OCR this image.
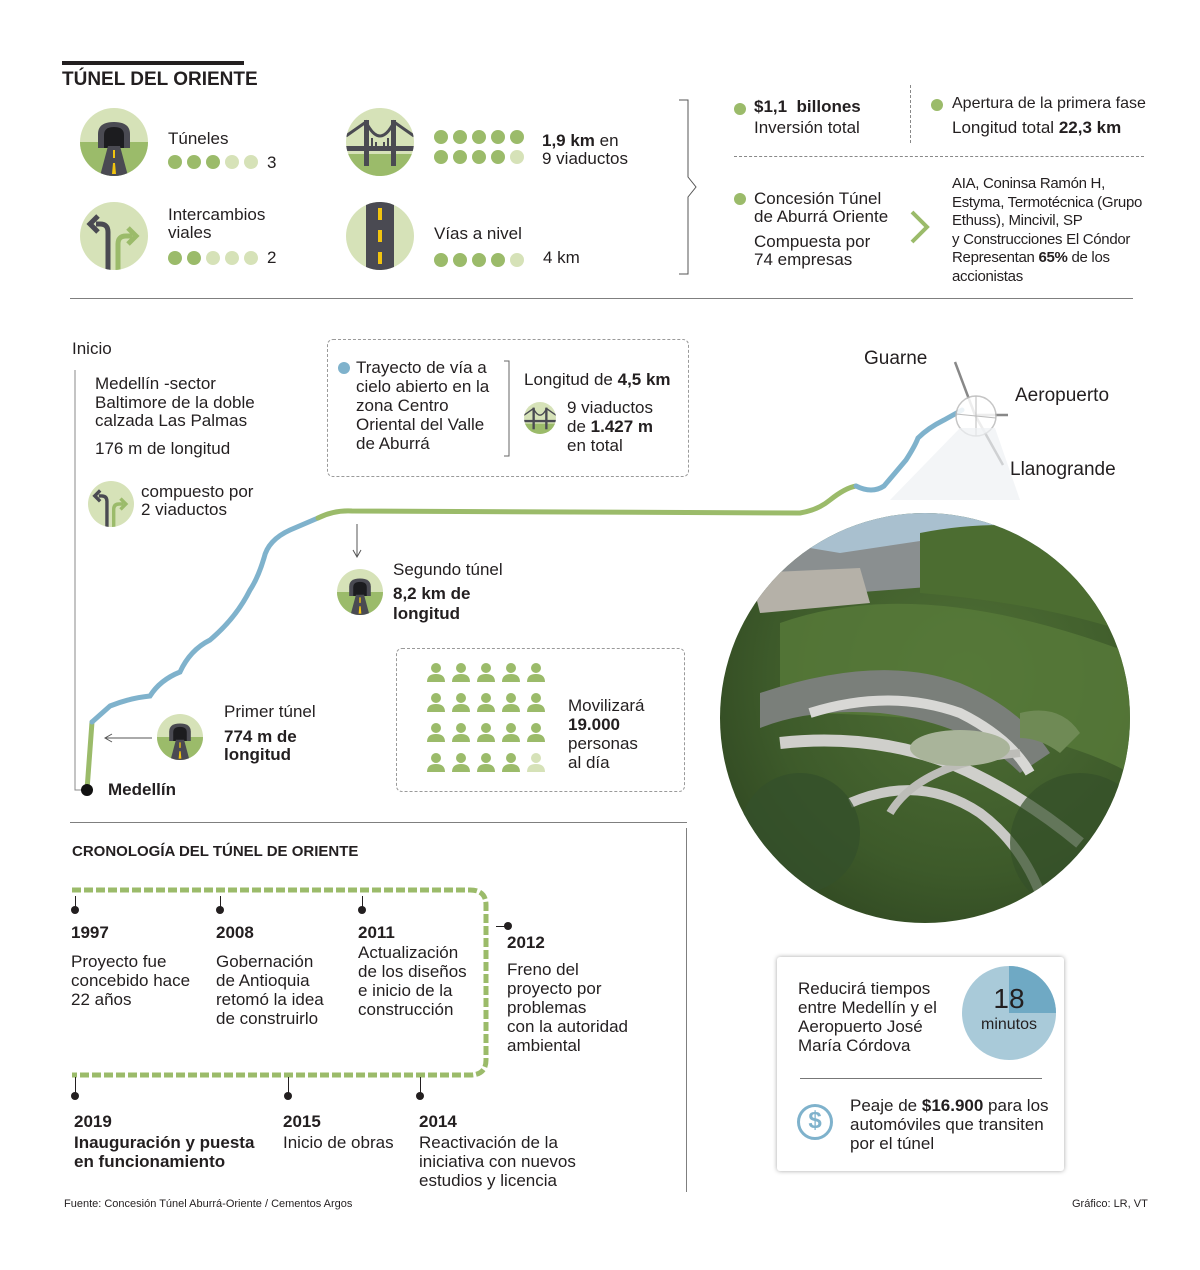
TÚNEL DEL ORIENTE
Túneles
3
Intercambios
viales
2
1,9 km en
9 viaductos
Vías a nivel
4 km
$1,1  billones
Inversión total
Apertura de la primera fase
Longitud total 22,3 km
Concesión Túnel
de Aburrá Oriente
Compuesta por
74 empresas
AIA, Coninsa Ramón H,
Estyma, Termotécnica (Grupo
Ethuss), Mincivil, SP
y Construcciones El Cóndor
Representan 65% de los
accionistas
Inicio
Medellín -sector
Baltimore de la doble
calzada Las Palmas
176 m de longitud
compuesto por
2 viaductos
Trayecto de vía a
cielo abierto en la
zona Centro
Oriental del Valle
de Aburrá
Longitud de 4,5 km
9 viaductos
de 1.427 m
en total
Segundo túnel
8,2 km de
longitud
Primer túnel
774 m de
longitud
Medellín
Guarne
Aeropuerto
Llanogrande
Movilizará
19.000
personas
al día
CRONOLOGÍA DEL TÚNEL DE ORIENTE
1997
Proyecto fue
concebido hace
22 años
2008
Gobernación
de Antioquia
retomó la idea
de construirlo
2011
Actualización
de los diseños
e inicio de la
construcción
2012
Freno del
proyecto por
problemas
con la autoridad
ambiental
2019
Inauguración y puesta
en funcionamiento
2015
Inicio de obras
2014
Reactivación de la
iniciativa con nuevos
estudios y licencia
Reducirá tiempos
entre Medellín y el
Aeropuerto José
María Córdova
18
minutos
$
Peaje de $16.900 para los
automóviles que transiten
por el túnel
Fuente: Concesión Túnel Aburrá-Oriente / Cementos Argos	Gráfico: LR, VT
